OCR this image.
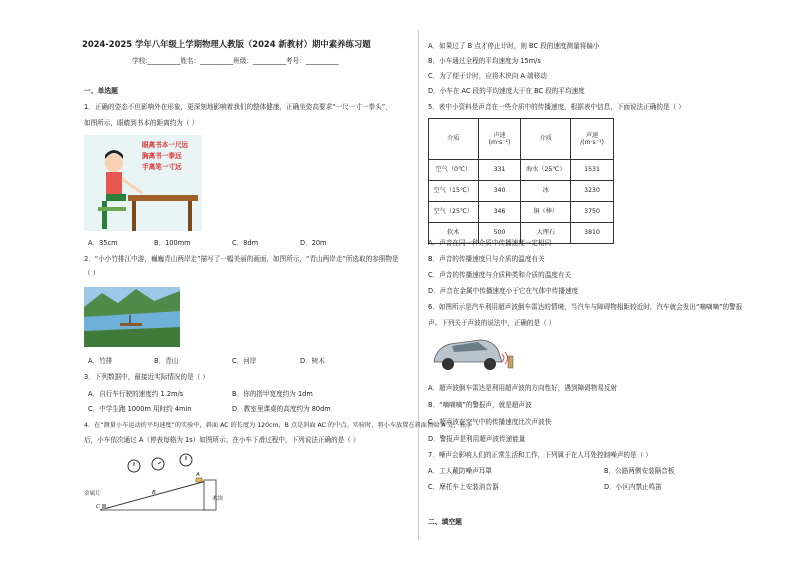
2024-2025 学年八年级上学期物理人教版（2024 新教材）期中素养练习题
学校:__________姓名：__________班级：__________考号：__________
一、单选题
1．正确的姿态不但影响外在形象，更深刻地影响着我们的整体健康，正确坐姿高要求“一尺一寸一拳头”，
如图所示，眼睛到书本的距离约为（ ）
眼离书本一尺远
胸离书一拳远
手离笔一寸远
A．35cm	B．100mm	C．8dm	D．20m
2．“小小竹排江中游，巍巍青山两岸走”描写了一幅美丽的画面，如图所示，“青山两岸走”所选取的参照物是
（ ）
A．竹排	B．青山	C．河岸	D．树木
3．下列数据中，最接近实际情况的是（ ）
A．自行车行驶的速度约 1.2m/s	B．你的指甲宽度约为 1dm
C．中学生跑 1000m 用时约 4min	D．教室里课桌的高度约为 80dm
4．在“测量小车运动的平均速度”的实验中，斜面 AC 的长度为 120cm，B 点是斜面 AC 的中点。实验时，将小车放置在斜面顶端 A 处，松手
后，小车依次通过 A（停表每格为 1s）如图所示。在小车下滑过程中，下列说法正确的是（ ）
金属片
木块
A
B
C
A．如果过了 B 点才停止计时，则 BC 段的速度测量将偏小
B．小车通过全程的平均速度为 15m/s
C．为了便于计时，应将木块向 A 端移动
D．小车在 AC 段的平均速度大于在 BC 段的平均速度
5．表中小资料是声音在一些介质中的传播速度，根据表中信息，下面说法正确的是（ ）
介质	声速
(m·s⁻¹)	介质	声速
/(m·s⁻¹)
空气（0℃）	331	海水（25℃）	1531
空气（15℃）	340	冰	3230
空气（25℃）	346	铜（棒）	3750
软木	500	大理石	3810
A．声音在同一种介质中传播速度一定相同
B．声音的传播速度只与介质的温度有关
C．声音的传播速度与介质种类和介质的温度有关
D．声音在金属中传播速度小于它在气体中传播速度
6．如图所示是汽车利用超声波倒车雷达的情境，当汽车与障碍物相距较近时，汽车就会发出“嘀嘀嘀”的警报
声。下列关于声波的说法中，正确的是（ ）
A．超声波倒车雷达是利用超声波的方向性好，遇到障碍物易反射
B．“嘀嘀嘀”的警报声，就是超声波
C．超声波在空气中的传播速度比次声波快
D．警报声是利用超声波传递能量
7．噪声会影响人们的正常生活和工作，下列属于在人耳处控制噪声的是（ ）
A．工人戴防噪声耳罩	B．公路两侧安装隔音板
C．摩托车上安装消音器	D．小区内禁止鸣笛
二、填空题
